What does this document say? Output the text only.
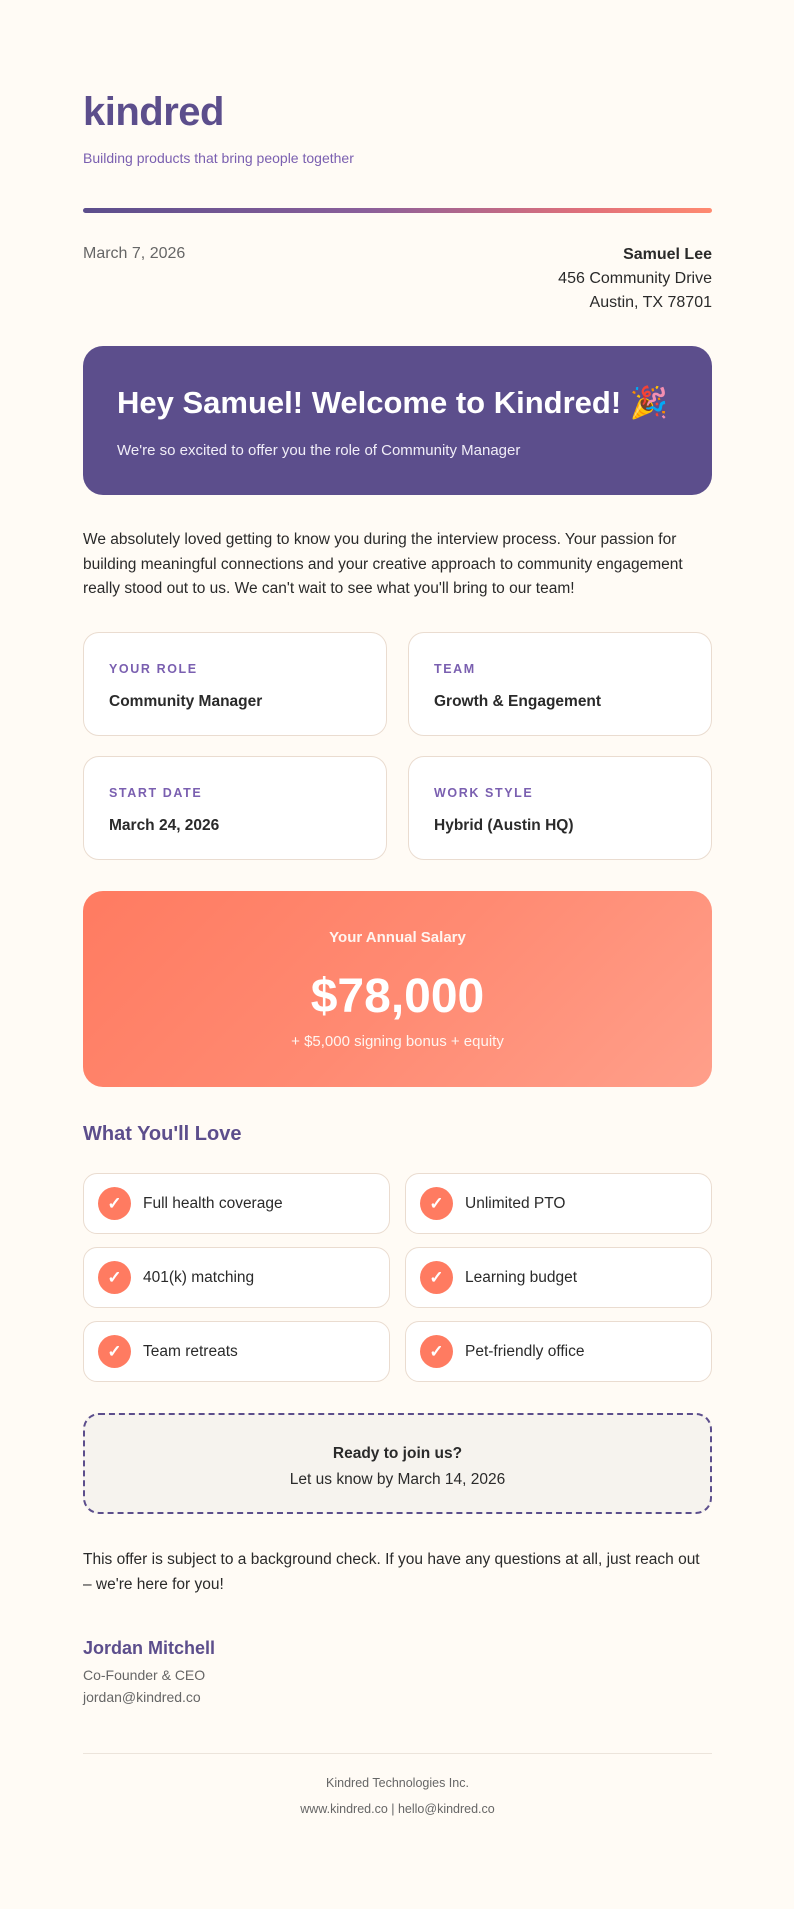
kindred
Building products that bring people together
March 7, 2026	Samuel Lee
456 Community Drive
Austin, TX 78701
Hey Samuel! Welcome to Kindred! 🎉
We're so excited to offer you the role of Community Manager
We absolutely loved getting to know you during the interview process. Your passion for building meaningful connections and your creative approach to community engagement really stood out to us. We can't wait to see what you'll bring to our team!
YOUR ROLE
Community Manager
TEAM
Growth & Engagement
START DATE
March 24, 2026
WORK STYLE
Hybrid (Austin HQ)
Your Annual Salary
$78,000
+ $5,000 signing bonus + equity
What You'll Love
✓	Full health coverage	✓	Unlimited PTO
✓	401(k) matching	✓	Learning budget
✓	Team retreats	✓	Pet-friendly office
Ready to join us?
Let us know by March 14, 2026
This offer is subject to a background check. If you have any questions at all, just reach out – we're here for you!
Jordan Mitchell
Co-Founder & CEO
jordan@kindred.co
Kindred Technologies Inc.
www.kindred.co | hello@kindred.co
